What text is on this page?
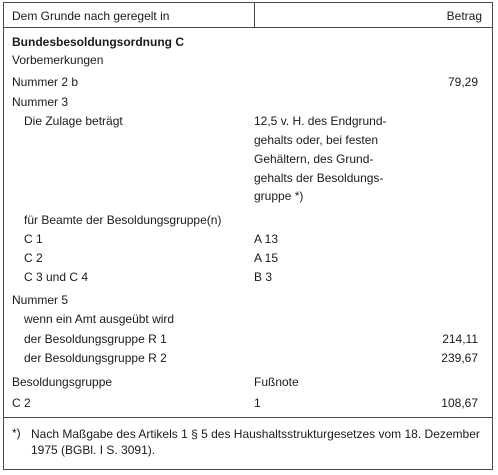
Dem Grunde nach geregelt in	Betrag
Bundesbesoldungsordnung C
Vorbemerkungen
Nummer 2 b	79,29
Nummer 3
Die Zulage beträgt	12,5 v. H. des Endgrund-
gehalts oder, bei festen
Gehältern, des Grund-
gehalts der Besoldungs-
gruppe *)
für Beamte der Besoldungsgruppe(n)
C 1	A 13
C 2	A 15
C 3 und C 4	B 3
Nummer 5
wenn ein Amt ausgeübt wird
der Besoldungsgruppe R 1	214,11
der Besoldungsgruppe R 2	239,67
Besoldungsgruppe	Fußnote
C 2	1	108,67
*) Nach Maßgabe des Artikels 1 § 5 des Haushaltsstrukturgesetzes vom 18. Dezember 1975 (BGBl. I S. 3091).
